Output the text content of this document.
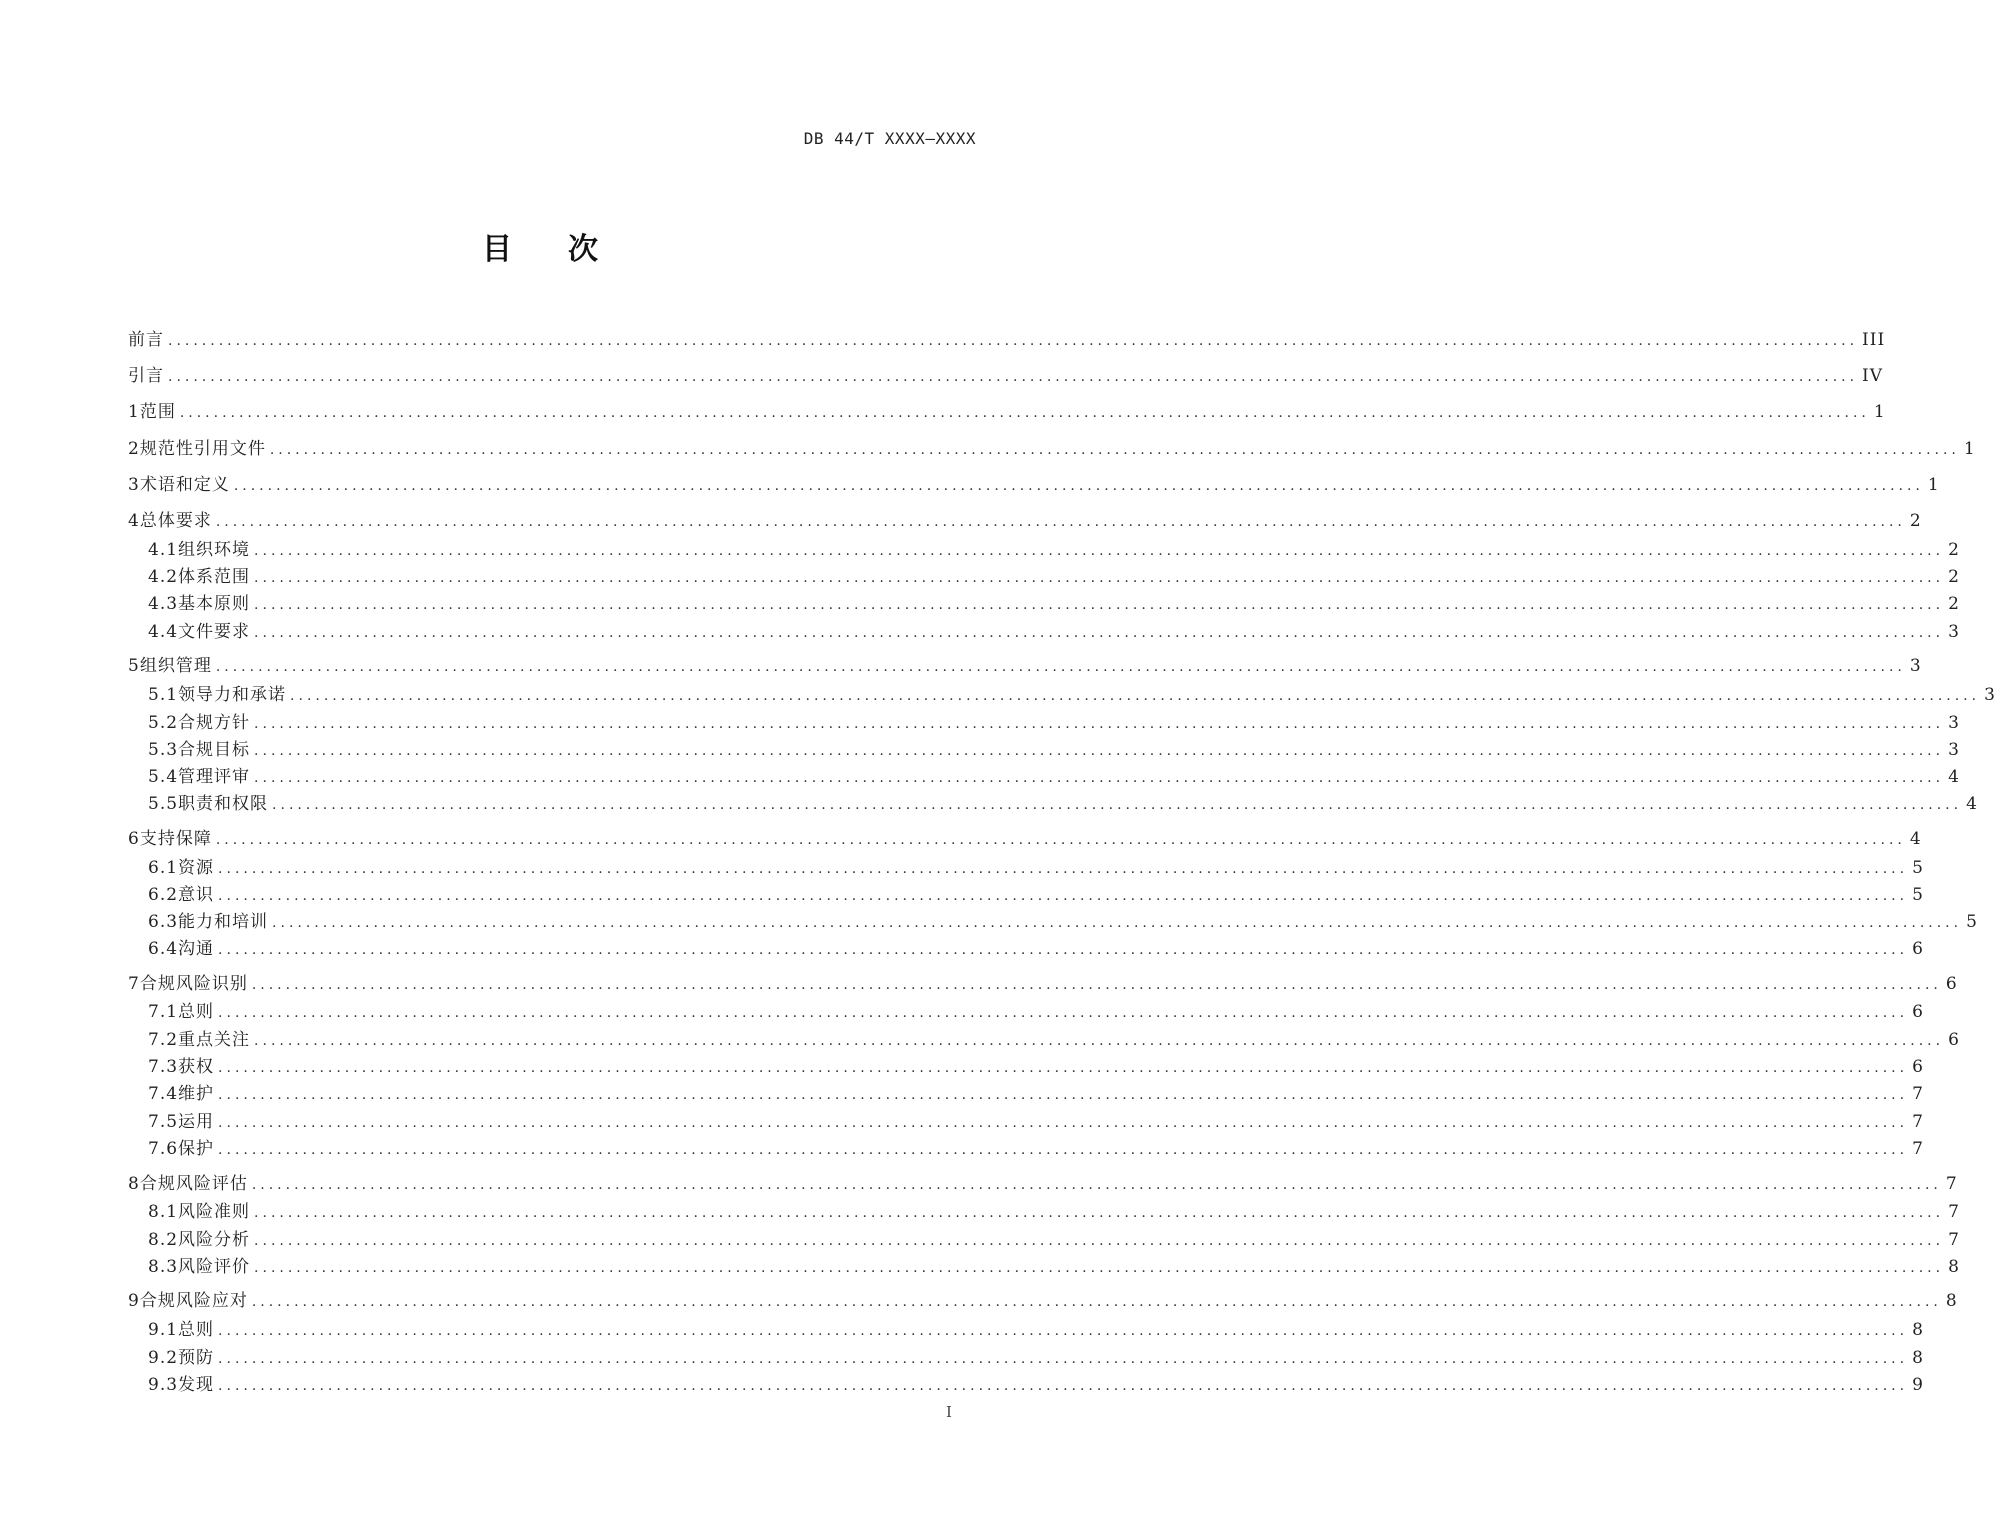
DB 44/T XXXX—XXXX
目次
前言 ........................................................................................................................................................................................................ III
引言 ........................................................................................................................................................................................................ IV
1 范围 ........................................................................................................................................................................................................ 1
2 规范性引用文件 ........................................................................................................................................................................................................ 1
3 术语和定义 ........................................................................................................................................................................................................ 1
4 总体要求 ........................................................................................................................................................................................................ 2
4.1 组织环境 ........................................................................................................................................................................................................ 2
4.2 体系范围 ........................................................................................................................................................................................................ 2
4.3 基本原则 ........................................................................................................................................................................................................ 2
4.4 文件要求 ........................................................................................................................................................................................................ 3
5 组织管理 ........................................................................................................................................................................................................ 3
5.1 领导力和承诺 ........................................................................................................................................................................................................ 3
5.2 合规方针 ........................................................................................................................................................................................................ 3
5.3 合规目标 ........................................................................................................................................................................................................ 3
5.4 管理评审 ........................................................................................................................................................................................................ 4
5.5 职责和权限 ........................................................................................................................................................................................................ 4
6 支持保障 ........................................................................................................................................................................................................ 4
6.1 资源 ........................................................................................................................................................................................................ 5
6.2 意识 ........................................................................................................................................................................................................ 5
6.3 能力和培训 ........................................................................................................................................................................................................ 5
6.4 沟通 ........................................................................................................................................................................................................ 6
7 合规风险识别 ........................................................................................................................................................................................................ 6
7.1 总则 ........................................................................................................................................................................................................ 6
7.2 重点关注 ........................................................................................................................................................................................................ 6
7.3 获权 ........................................................................................................................................................................................................ 6
7.4 维护 ........................................................................................................................................................................................................ 7
7.5 运用 ........................................................................................................................................................................................................ 7
7.6 保护 ........................................................................................................................................................................................................ 7
8 合规风险评估 ........................................................................................................................................................................................................ 7
8.1 风险准则 ........................................................................................................................................................................................................ 7
8.2 风险分析 ........................................................................................................................................................................................................ 7
8.3 风险评价 ........................................................................................................................................................................................................ 8
9 合规风险应对 ........................................................................................................................................................................................................ 8
9.1 总则 ........................................................................................................................................................................................................ 8
9.2 预防 ........................................................................................................................................................................................................ 8
9.3 发现 ........................................................................................................................................................................................................ 9
I
